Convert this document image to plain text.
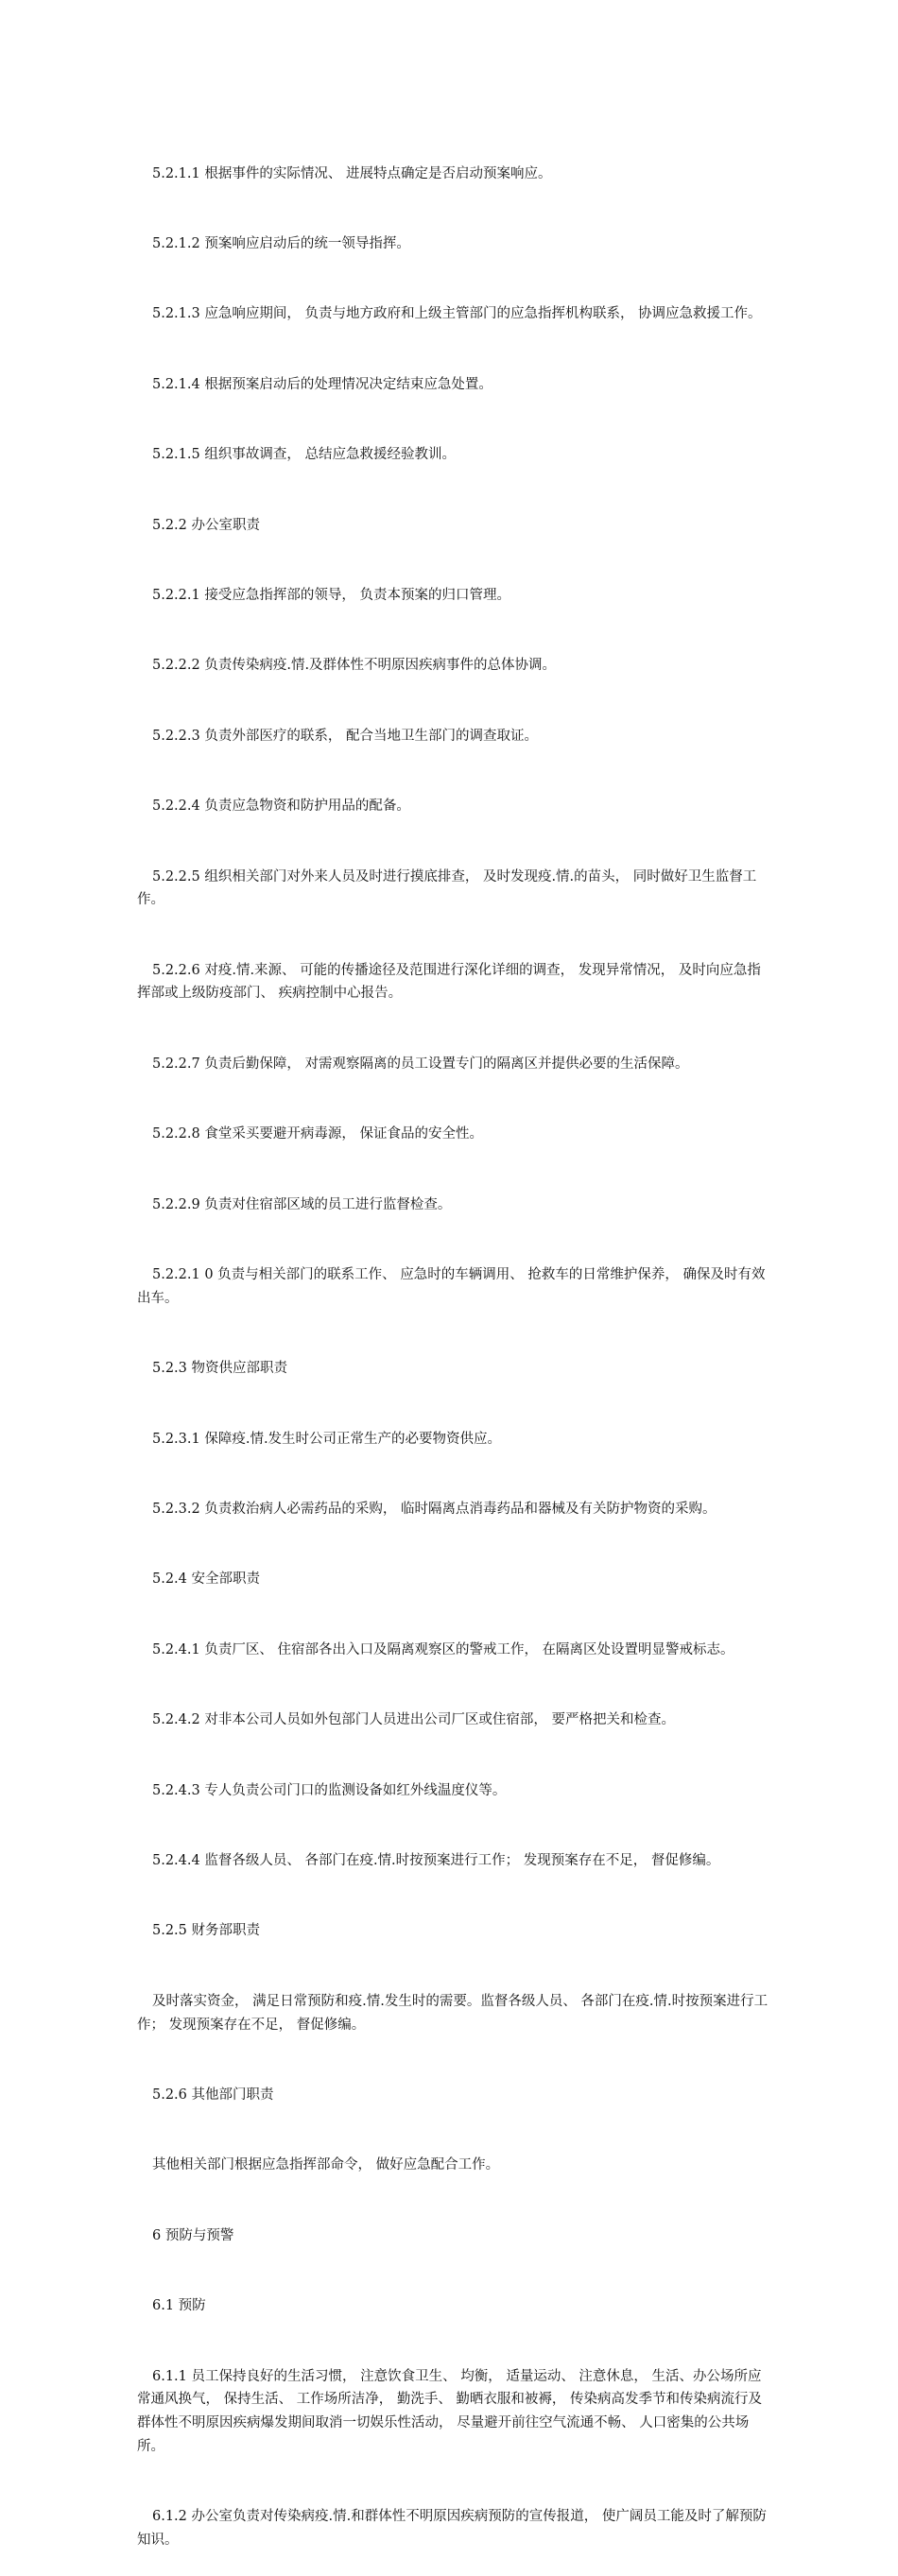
5.2.1.1 根据事件的实际情况、 进展特点确定是否启动预案响应。

5.2.1.2 预案响应启动后的统一领导指挥。

5.2.1.3 应急响应期间， 负责与地方政府和上级主管部门的应急指挥机构联系， 协调应急救援工作。

5.2.1.4 根据预案启动后的处理情况决定结束应急处置。

5.2.1.5 组织事故调查， 总结应急救援经验教训。

5.2.2 办公室职责

5.2.2.1 接受应急指挥部的领导， 负责本预案的归口管理。

5.2.2.2 负责传染病疫.情.及群体性不明原因疾病事件的总体协调。

5.2.2.3 负责外部医疗的联系， 配合当地卫生部门的调查取证。

5.2.2.4 负责应急物资和防护用品的配备。

5.2.2.5 组织相关部门对外来人员及时进行摸底排查， 及时发现疫.情.的苗头， 同时做好卫生监督工作。

5.2.2.6 对疫.情.来源、 可能的传播途径及范围进行深化详细的调查， 发现异常情况， 及时向应急指挥部或上级防疫部门、 疾病控制中心报告。

5.2.2.7 负责后勤保障， 对需观察隔离的员工设置专门的隔离区并提供必要的生活保障。

5.2.2.8 食堂采买要避开病毒源， 保证食品的安全性。

5.2.2.9 负责对住宿部区域的员工进行监督检查。

5.2.2.1 0 负责与相关部门的联系工作、 应急时的车辆调用、 抢救车的日常维护保养， 确保及时有效出车。

5.2.3 物资供应部职责

5.2.3.1 保障疫.情.发生时公司正常生产的必要物资供应。

5.2.3.2 负责救治病人必需药品的采购， 临时隔离点消毒药品和器械及有关防护物资的采购。

5.2.4 安全部职责

5.2.4.1 负责厂区、 住宿部各出入口及隔离观察区的警戒工作， 在隔离区处设置明显警戒标志。

5.2.4.2 对非本公司人员如外包部门人员进出公司厂区或住宿部， 要严格把关和检查。

5.2.4.3 专人负责公司门口的监测设备如红外线温度仪等。

5.2.4.4 监督各级人员、 各部门在疫.情.时按预案进行工作； 发现预案存在不足， 督促修编。

5.2.5 财务部职责

及时落实资金， 满足日常预防和疫.情.发生时的需要。监督各级人员、 各部门在疫.情.时按预案进行工作； 发现预案存在不足， 督促修编。

5.2.6 其他部门职责

其他相关部门根据应急指挥部命令， 做好应急配合工作。

6 预防与预警

6.1 预防

6.1.1 员工保持良好的生活习惯， 注意饮食卫生、 均衡， 适量运动、 注意休息， 生活、办公场所应常通风换气， 保持生活、 工作场所洁净， 勤洗手、 勤晒衣服和被褥， 传染病高发季节和传染病流行及群体性不明原因疾病爆发期间取消一切娱乐性活动， 尽量避开前往空气流通不畅、 人口密集的公共场所。

6.1.2 办公室负责对传染病疫.情.和群体性不明原因疾病预防的宣传报道， 使广阔员工能及时了解预防知识。
